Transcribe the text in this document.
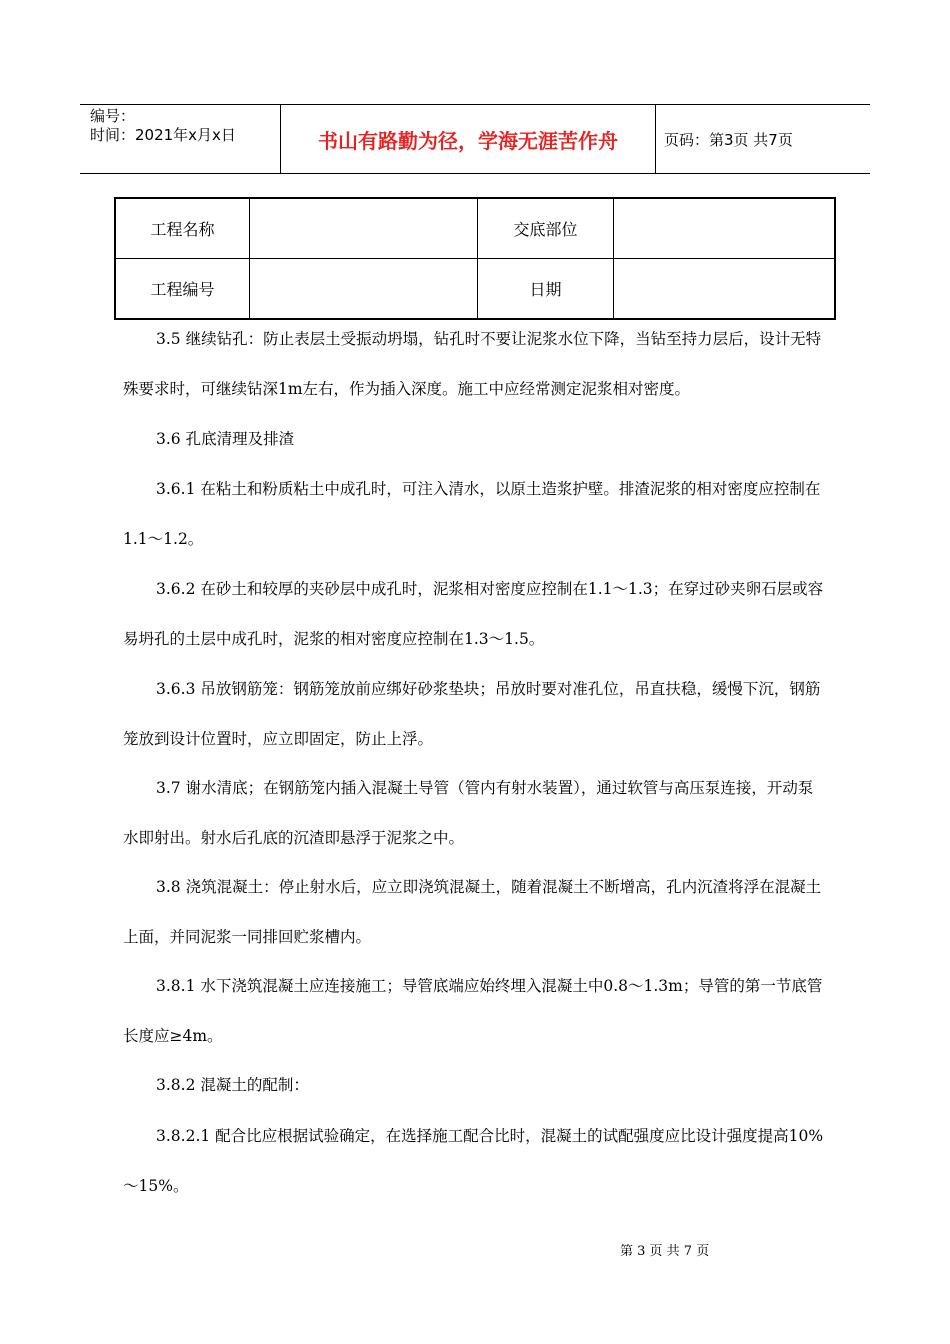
编号：
时间：2021年x月x日	书山有路勤为径，学海无涯苦作舟	页码：第3页 共7页
工程名称		交底部位	
工程编号		日期	

3.5 继续钻孔：防止表层土受振动坍塌，钻孔时不要让泥浆水位下降，当钻至持力层后，设计无特殊要求时，可继续钻深1m左右，作为插入深度。施工中应经常测定泥浆相对密度。

3.6 孔底清理及排渣

3.6.1 在粘土和粉质粘土中成孔时，可注入清水，以原土造浆护壁。排渣泥浆的相对密度应控制在1.1～1.2。

3.6.2 在砂土和较厚的夹砂层中成孔时，泥浆相对密度应控制在1.1～1.3；在穿过砂夹卵石层或容易坍孔的土层中成孔时，泥浆的相对密度应控制在1.3～1.5。

3.6.3 吊放钢筋笼：钢筋笼放前应绑好砂浆垫块；吊放时要对准孔位，吊直扶稳，缓慢下沉，钢筋笼放到设计位置时，应立即固定，防止上浮。

3.7 谢水清底；在钢筋笼内插入混凝土导管（管内有射水装置），通过软管与高压泵连接，开动泵水即射出。射水后孔底的沉渣即悬浮于泥浆之中。

3.8 浇筑混凝土：停止射水后，应立即浇筑混凝土，随着混凝土不断增高，孔内沉渣将浮在混凝土上面，并同泥浆一同排回贮浆槽内。

3.8.1 水下浇筑混凝土应连接施工；导管底端应始终埋入混凝土中0.8～1.3m；导管的第一节底管长度应≥4m。

3.8.2 混凝土的配制：

3.8.2.1 配合比应根据试验确定，在选择施工配合比时，混凝土的试配强度应比设计强度提高10%～15%。

第 3 页 共 7 页
